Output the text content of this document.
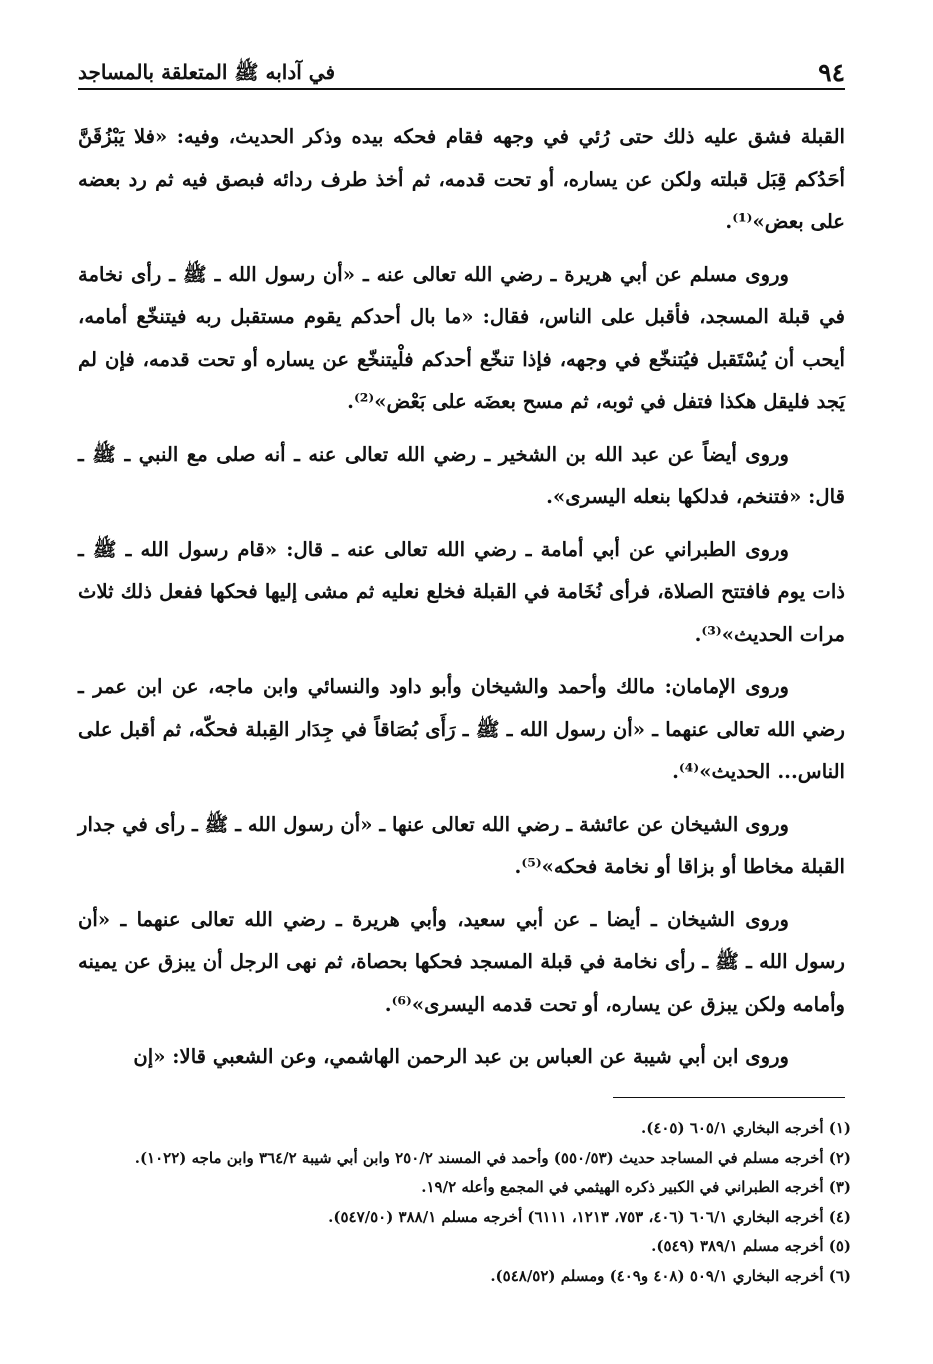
٩٤
في آدابه ﷺ المتعلقة بالمساجد

القبلة فشق عليه ذلك حتى رُئي في وجهه فقام فحكه بيده وذكر الحديث، وفيه: «فلا يَبْزُقَنَّ أحَدُكم قِبَل قبلته ولكن عن يساره، أو تحت قدمه، ثم أخذ طرف ردائه فبصق فيه ثم رد بعضه على بعض»⁽¹⁾.

وروى مسلم عن أبي هريرة ـ رضي الله تعالى عنه ـ «أن رسول الله ـ ﷺ ـ رأى نخامة في قبلة المسجد، فأقبل على الناس، فقال: «ما بال أحدكم يقوم مستقبل ربه فيتنخّع أمامه، أيحب أن يُسْتَقبل فيُتنخّع في وجهه، فإذا تنخّع أحدكم فلْيتنخّع عن يساره أو تحت قدمه، فإن لم يَجد فليقل هكذا فتفل في ثوبه، ثم مسح بعضَه على بَعْض»⁽²⁾.

وروى أيضاً عن عبد الله بن الشخير ـ رضي الله تعالى عنه ـ أنه صلى مع النبي ـ ﷺ ـ قال: «فتنخم، فدلكها بنعله اليسرى».

وروى الطبراني عن أبي أمامة ـ رضي الله تعالى عنه ـ قال: «قام رسول الله ـ ﷺ ـ ذات يوم فافتتح الصلاة، فرأى نُخَامة في القبلة فخلع نعليه ثم مشى إليها فحكها ففعل ذلك ثلاث مرات الحديث»⁽³⁾.

وروى الإمامان: مالك وأحمد والشيخان وأبو داود والنسائي وابن ماجه، عن ابن عمر ـ رضي الله تعالى عنهما ـ «أن رسول الله ـ ﷺ ـ رَأَى بُصَاقاً في جِدَار القِبلة فحكّه، ثم أقبل على الناس... الحديث»⁽⁴⁾.

وروى الشيخان عن عائشة ـ رضي الله تعالى عنها ـ «أن رسول الله ـ ﷺ ـ رأى في جدار القبلة مخاطا أو بزاقا أو نخامة فحكه»⁽⁵⁾.

وروى الشيخان ـ أيضا ـ عن أبي سعيد، وأبي هريرة ـ رضي الله تعالى عنهما ـ «أن رسول الله ـ ﷺ ـ رأى نخامة في قبلة المسجد فحكها بحصاة، ثم نهى الرجل أن يبزق عن يمينه وأمامه ولكن يبزق عن يساره، أو تحت قدمه اليسرى»⁽⁶⁾.

وروى ابن أبي شيبة عن العباس بن عبد الرحمن الهاشمي، وعن الشعبي قالا: «إن

(١) أخرجه البخاري ٦٠٥/١ (٤٠٥).

(٢) أخرجه مسلم في المساجد حديث (٥٥٠/٥٣) وأحمد في المسند ٢٥٠/٢ وابن أبي شيبة ٣٦٤/٢ وابن ماجه (١٠٢٢).

(٣) أخرجه الطبراني في الكبير ذكره الهيثمي في المجمع وأعله ١٩/٢.

(٤) أخرجه البخاري ٦٠٦/١ (٤٠٦، ٧٥٣، ١٢١٣، ٦١١١) أخرجه مسلم ٣٨٨/١ (٥٤٧/٥٠).

(٥) أخرجه مسلم ٣٨٩/١ (٥٤٩).

(٦) أخرجه البخاري ٥٠٩/١ (٤٠٨ و٤٠٩) ومسلم (٥٤٨/٥٢).
